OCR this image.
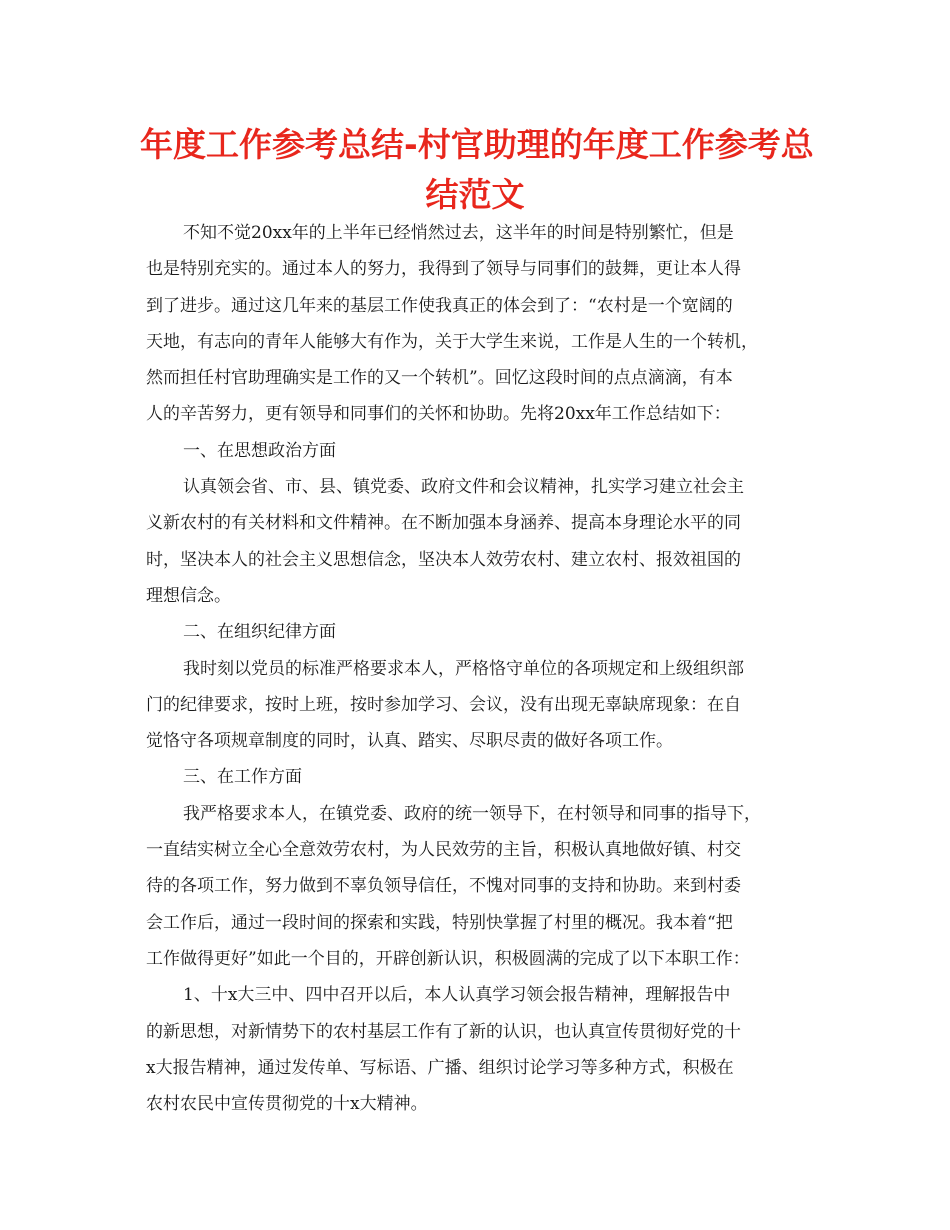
年度工作参考总结-村官助理的年度工作参考总
结范文
不知不觉20xx年的上半年已经悄然过去，这半年的时间是特别繁忙，但是
也是特别充实的。通过本人的努力，我得到了领导与同事们的鼓舞，更让本人得
到了进步。通过这几年来的基层工作使我真正的体会到了：“农村是一个宽阔的
天地，有志向的青年人能够大有作为，关于大学生来说，工作是人生的一个转机，
然而担任村官助理确实是工作的又一个转机”。回忆这段时间的点点滴滴，有本
人的辛苦努力，更有领导和同事们的关怀和协助。先将20xx年工作总结如下：
一、在思想政治方面
认真领会省、市、县、镇党委、政府文件和会议精神，扎实学习建立社会主
义新农村的有关材料和文件精神。在不断加强本身涵养、提高本身理论水平的同
时，坚决本人的社会主义思想信念，坚决本人效劳农村、建立农村、报效祖国的
理想信念。
二、在组织纪律方面
我时刻以党员的标准严格要求本人，严格恪守单位的各项规定和上级组织部
门的纪律要求，按时上班，按时参加学习、会议，没有出现无辜缺席现象：在自
觉恪守各项规章制度的同时，认真、踏实、尽职尽责的做好各项工作。
三、在工作方面
我严格要求本人，在镇党委、政府的统一领导下，在村领导和同事的指导下，
一直结实树立全心全意效劳农村，为人民效劳的主旨，积极认真地做好镇、村交
待的各项工作，努力做到不辜负领导信任，不愧对同事的支持和协助。来到村委
会工作后，通过一段时间的探索和实践，特别快掌握了村里的概况。我本着“把
工作做得更好”如此一个目的，开辟创新认识，积极圆满的完成了以下本职工作：
1、十x大三中、四中召开以后，本人认真学习领会报告精神，理解报告中
的新思想，对新情势下的农村基层工作有了新的认识，也认真宣传贯彻好党的十
x大报告精神，通过发传单、写标语、广播、组织讨论学习等多种方式，积极在
农村农民中宣传贯彻党的十x大精神。
